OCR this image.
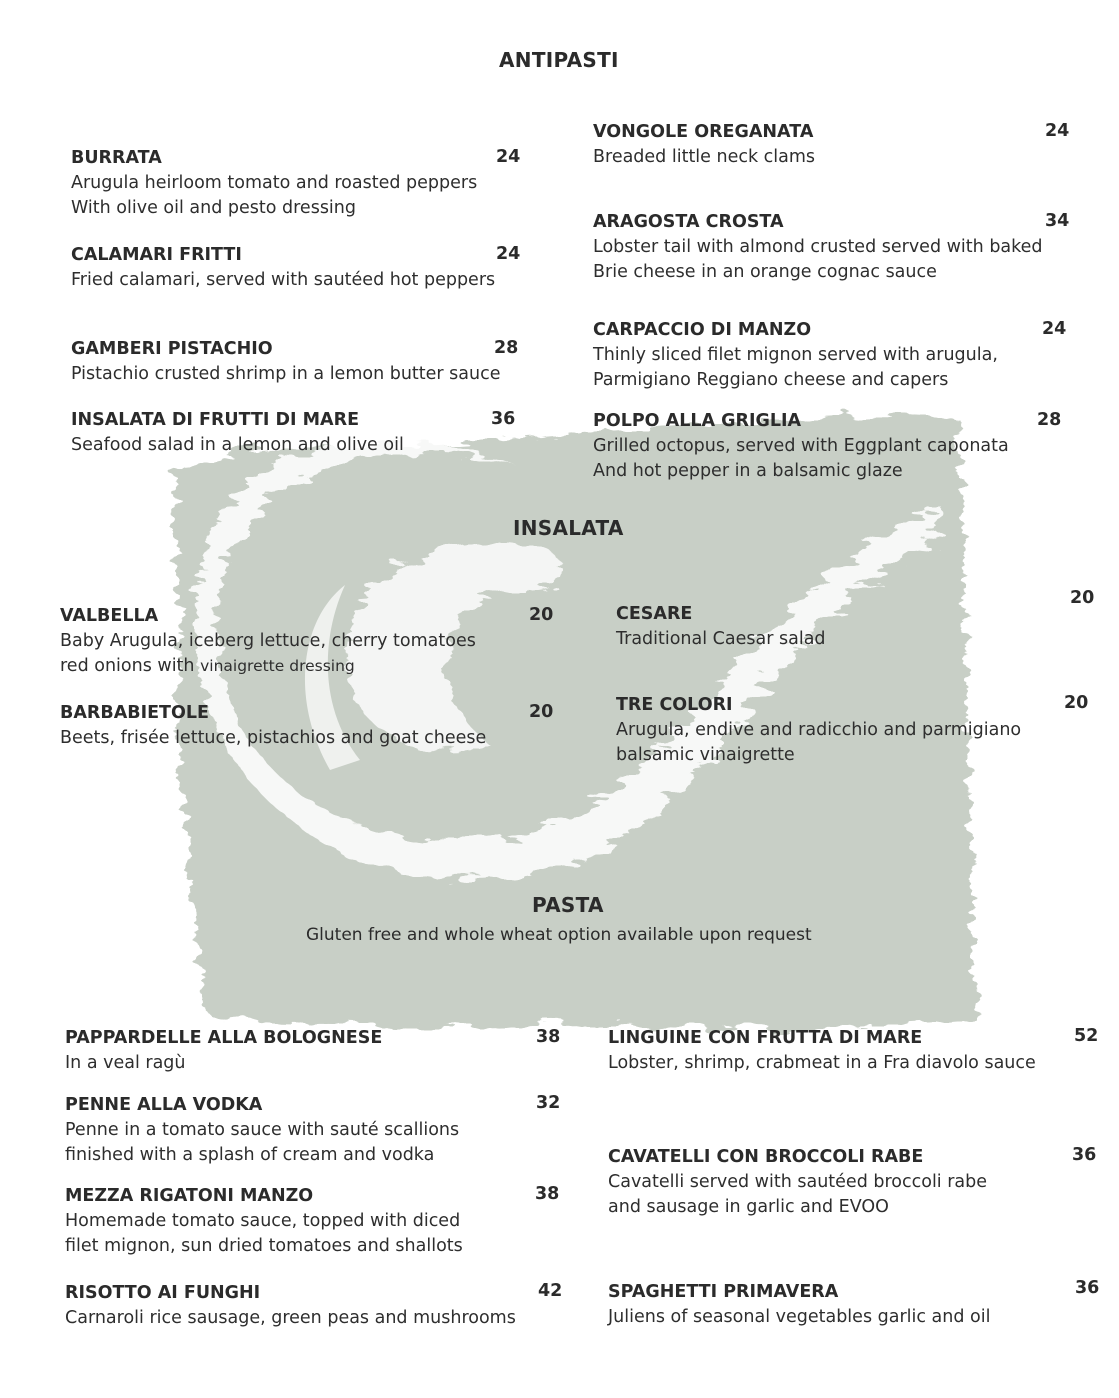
ANTIPASTI
BURRATA
Arugula heirloom tomato and roasted peppers
With olive oil and pesto dressing
24
CALAMARI FRITTI
Fried calamari, served with sautéed hot peppers
24
GAMBERI PISTACHIO
Pistachio crusted shrimp in a lemon butter sauce
28
INSALATA DI FRUTTI DI MARE
Seafood salad in a lemon and olive oil
36
VONGOLE OREGANATA
Breaded little neck clams
24
ARAGOSTA CROSTA
Lobster tail with almond crusted served with baked
Brie cheese in an orange cognac sauce
34
CARPACCIO DI MANZO
Thinly sliced filet mignon served with arugula,
Parmigiano Reggiano cheese and capers
24
POLPO ALLA GRIGLIA
Grilled octopus, served with Eggplant caponata
And hot pepper in a balsamic glaze
28
INSALATA
VALBELLA
Baby Arugula, iceberg lettuce, cherry tomatoes
red onions with vinaigrette dressing
20
BARBABIETOLE
Beets, frisée lettuce, pistachios and goat cheese
20
CESARE
Traditional Caesar salad
20
TRE COLORI
Arugula, endive and radicchio and parmigiano
balsamic vinaigrette
20
PASTA
Gluten free and whole wheat option available upon request
PAPPARDELLE ALLA BOLOGNESE
In a veal ragù
38
PENNE ALLA VODKA
Penne in a tomato sauce with sauté scallions
finished with a splash of cream and vodka
32
MEZZA RIGATONI MANZO
Homemade tomato sauce, topped with diced
filet mignon, sun dried tomatoes and shallots
38
RISOTTO AI FUNGHI
Carnaroli rice sausage, green peas and mushrooms
42
LINGUINE CON FRUTTA DI MARE
Lobster, shrimp, crabmeat in a Fra diavolo sauce
52
CAVATELLI CON BROCCOLI RABE
Cavatelli served with sautéed broccoli rabe
and sausage in garlic and EVOO
36
SPAGHETTI PRIMAVERA
Juliens of seasonal vegetables garlic and oil
36
